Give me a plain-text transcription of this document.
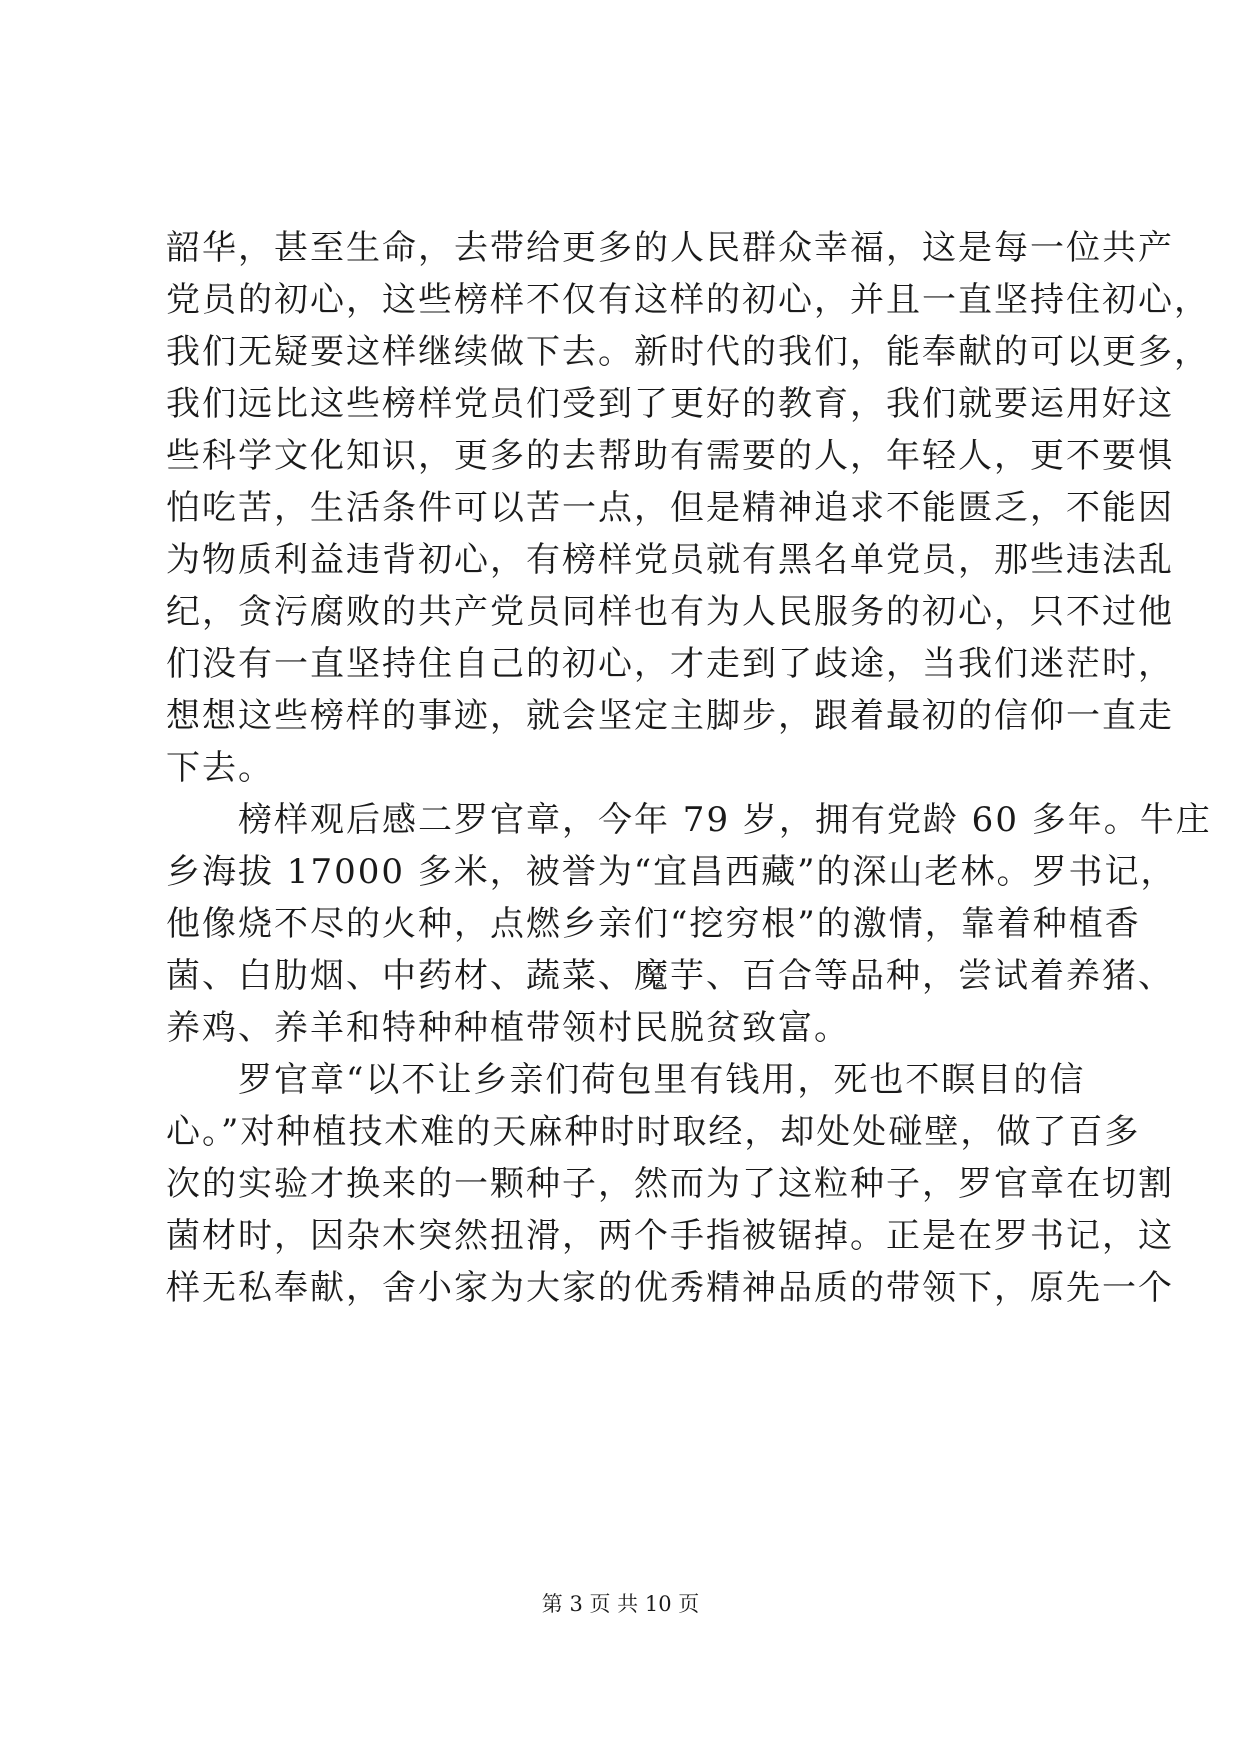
韶华，甚至生命，去带给更多的人民群众幸福，这是每一位共产
党员的初心，这些榜样不仅有这样的初心，并且一直坚持住初心，
我们无疑要这样继续做下去。新时代的我们，能奉献的可以更多，
我们远比这些榜样党员们受到了更好的教育，我们就要运用好这
些科学文化知识，更多的去帮助有需要的人，年轻人，更不要惧
怕吃苦，生活条件可以苦一点，但是精神追求不能匮乏，不能因
为物质利益违背初心，有榜样党员就有黑名单党员，那些违法乱
纪，贪污腐败的共产党员同样也有为人民服务的初心，只不过他
们没有一直坚持住自己的初心，才走到了歧途，当我们迷茫时，
想想这些榜样的事迹，就会坚定主脚步，跟着最初的信仰一直走
下去。

　　榜样观后感二罗官章，今年 79 岁，拥有党龄 60 多年。牛庄
乡海拔 17000 多米，被誉为“宜昌西藏”的深山老林。罗书记，
他像烧不尽的火种，点燃乡亲们“挖穷根”的激情，靠着种植香
菌、白肋烟、中药材、蔬菜、魔芋、百合等品种，尝试着养猪、
养鸡、养羊和特种种植带领村民脱贫致富。

　　罗官章“以不让乡亲们荷包里有钱用，死也不瞑目的信
心。”对种植技术难的天麻种时时取经，却处处碰壁，做了百多
次的实验才换来的一颗种子，然而为了这粒种子，罗官章在切割
菌材时，因杂木突然扭滑，两个手指被锯掉。正是在罗书记，这
样无私奉献，舍小家为大家的优秀精神品质的带领下，原先一个

第 3 页 共 10 页
